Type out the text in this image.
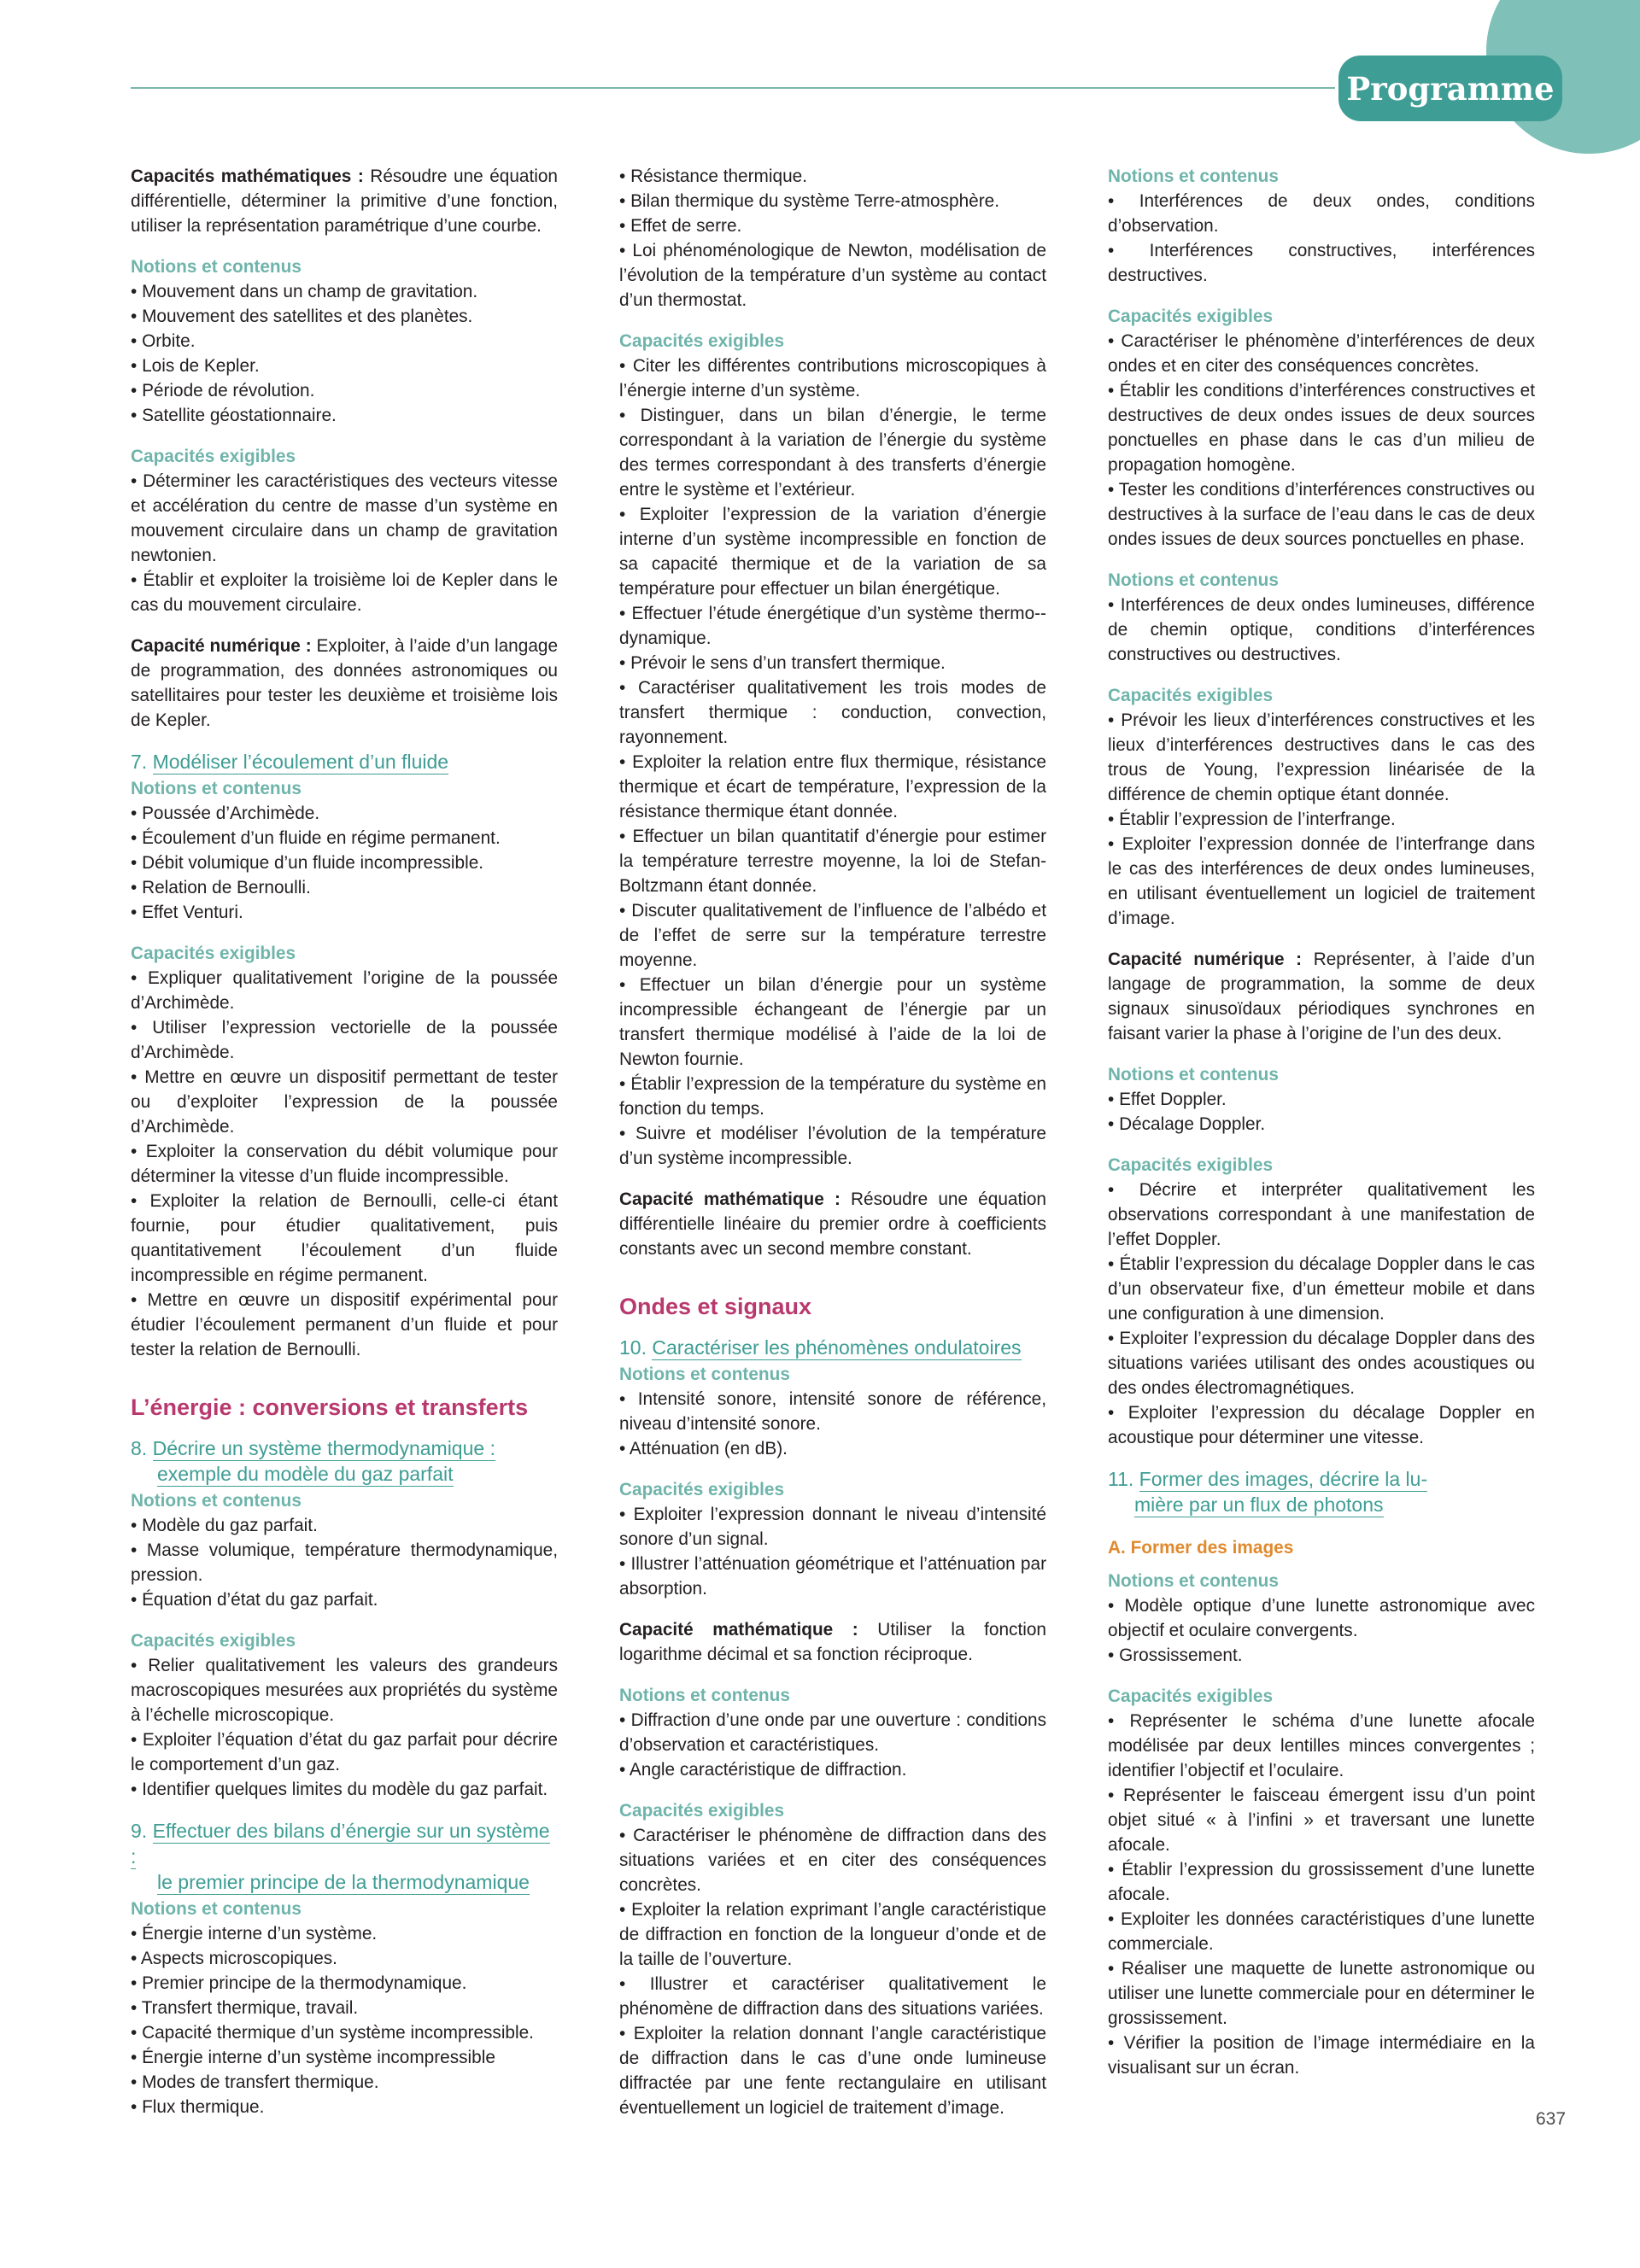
Programme

Capacités mathématiques : Résoudre une équation différentielle, déterminer la primitive d’une fonction, utiliser la représentation paramétrique d’une courbe.

Notions et contenus

• Mouvement dans un champ de gravitation.

• Mouvement des satellites et des planètes.

• Orbite.

• Lois de Kepler.

• Période de révolution.

• Satellite géostationnaire.

Capacités exigibles

• Déterminer les caractéristiques des vecteurs vitesse et accélération du centre de masse d’un système en mouvement circulaire dans un champ de gravitation newtonien.

• Établir et exploiter la troisième loi de Kepler dans le cas du mouvement circulaire.

Capacité numérique : Exploiter, à l’aide d’un langage de programmation, des données astronomiques ou satellitaires pour tester les deuxième et troisième lois de Kepler.

7. Modéliser l’écoulement d’un fluide

Notions et contenus

• Poussée d’Archimède.

• Écoulement d’un fluide en régime permanent.

• Débit volumique d’un fluide incompressible.

• Relation de Bernoulli.

• Effet Venturi.

Capacités exigibles

• Expliquer qualitativement l’origine de la poussée d’Archimède.

• Utiliser l’expression vectorielle de la poussée d’Archimède.

• Mettre en œuvre un dispositif permettant de tester ou d’exploiter l’expression de la poussée d’Archimède.

• Exploiter la conservation du débit volumique pour déterminer la vitesse d’un fluide incompressible.

• Exploiter la relation de Bernoulli, celle-ci étant fournie, pour étudier qualitativement, puis quantitativement l’écoulement d’un fluide incompressible en régime permanent.

• Mettre en œuvre un dispositif expérimental pour étudier l’écoulement permanent d’un fluide et pour tester la relation de Bernoulli.

L’énergie : conversions et transferts

8. Décrire un système thermodynamique :
exemple du modèle du gaz parfait

Notions et contenus

• Modèle du gaz parfait.

• Masse volumique, température thermodynamique, pression.

• Équation d’état du gaz parfait.

Capacités exigibles

• Relier qualitativement les valeurs des grandeurs macroscopiques mesurées aux propriétés du système à l’échelle microscopique.

• Exploiter l’équation d’état du gaz parfait pour décrire le comportement d’un gaz.

• Identifier quelques limites du modèle du gaz parfait.

9. Effectuer des bilans d’énergie sur un système :
le premier principe de la thermodynamique

Notions et contenus

• Énergie interne d’un système.

• Aspects microscopiques.

• Premier principe de la thermodynamique.

• Transfert thermique, travail.

• Capacité thermique d’un système incompressible.

• Énergie interne d’un système incompressible

• Modes de transfert thermique.

• Flux thermique.

• Résistance thermique.

• Bilan thermique du système Terre-atmosphère.

• Effet de serre.

• Loi phénoménologique de Newton, modélisation de l’évolution de la température d’un système au contact d’un thermostat.

Capacités exigibles

• Citer les différentes contributions microscopiques à l’énergie interne d’un système.

• Distinguer, dans un bilan d’énergie, le terme correspondant à la variation de l’énergie du système des termes correspondant à des transferts d’énergie entre le système et l’extérieur.

• Exploiter l’expression de la variation d’énergie interne d’un système incompressible en fonction de sa capacité thermique et de la variation de sa température pour effectuer un bilan énergétique.

• Effectuer l’étude énergétique d’un système thermo--dynamique.

• Prévoir le sens d’un transfert thermique.

• Caractériser qualitativement les trois modes de transfert thermique : conduction, convection, rayonnement.

• Exploiter la relation entre flux thermique, résistance thermique et écart de température, l’expression de la résistance thermique étant donnée.

• Effectuer un bilan quantitatif d’énergie pour estimer la température terrestre moyenne, la loi de Stefan-Boltzmann étant donnée.

• Discuter qualitativement de l’influence de l’albédo et de l’effet de serre sur la température terrestre moyenne.

• Effectuer un bilan d’énergie pour un système incompressible échangeant de l’énergie par un transfert thermique modélisé à l’aide de la loi de Newton fournie.

• Établir l’expression de la température du système en fonction du temps.

• Suivre et modéliser l’évolution de la température d’un système incompressible.

Capacité mathématique : Résoudre une équation différentielle linéaire du premier ordre à coefficients constants avec un second membre constant.

Ondes et signaux

10. Caractériser les phénomènes ondulatoires

Notions et contenus

• Intensité sonore, intensité sonore de référence, niveau d’intensité sonore.

• Atténuation (en dB).

Capacités exigibles

• Exploiter l’expression donnant le niveau d’intensité sonore d’un signal.

• Illustrer l’atténuation géométrique et l’atténuation par absorption.

Capacité mathématique : Utiliser la fonction logarithme décimal et sa fonction réciproque.

Notions et contenus

• Diffraction d’une onde par une ouverture : conditions d’observation et caractéristiques.

• Angle caractéristique de diffraction.

Capacités exigibles

• Caractériser le phénomène de diffraction dans des situations variées et en citer des conséquences concrètes.

• Exploiter la relation exprimant l’angle caractéristique de diffraction en fonction de la longueur d’onde et de la taille de l’ouverture.

• Illustrer et caractériser qualitativement le phénomène de diffraction dans des situations variées.

• Exploiter la relation donnant l’angle caractéristique de diffraction dans le cas d’une onde lumineuse diffractée par une fente rectangulaire en utilisant éventuellement un logiciel de traitement d’image.

Notions et contenus

• Interférences de deux ondes, conditions d’observation.

• Interférences constructives, interférences destructives.

Capacités exigibles

• Caractériser le phénomène d’interférences de deux ondes et en citer des conséquences concrètes.

• Établir les conditions d’interférences constructives et destructives de deux ondes issues de deux sources ponctuelles en phase dans le cas d’un milieu de propagation homogène.

• Tester les conditions d’interférences constructives ou destructives à la surface de l’eau dans le cas de deux ondes issues de deux sources ponctuelles en phase.

Notions et contenus

• Interférences de deux ondes lumineuses, différence de chemin optique, conditions d’interférences constructives ou destructives.

Capacités exigibles

• Prévoir les lieux d’interférences constructives et les lieux d’interférences destructives dans le cas des trous de Young, l’expression linéarisée de la différence de chemin optique étant donnée.

• Établir l’expression de l’interfrange.

• Exploiter l’expression donnée de l’interfrange dans le cas des interférences de deux ondes lumineuses, en utilisant éventuellement un logiciel de traitement d’image.

Capacité numérique : Représenter, à l’aide d’un langage de programmation, la somme de deux signaux sinusoïdaux périodiques synchrones en faisant varier la phase à l’origine de l’un des deux.

Notions et contenus

• Effet Doppler.

• Décalage Doppler.

Capacités exigibles

• Décrire et interpréter qualitativement les observations correspondant à une manifestation de l’effet Doppler.

• Établir l’expression du décalage Doppler dans le cas d’un observateur fixe, d’un émetteur mobile et dans une configuration à une dimension.

• Exploiter l’expression du décalage Doppler dans des situations variées utilisant des ondes acoustiques ou des ondes électromagnétiques.

• Exploiter l’expression du décalage Doppler en acoustique pour déterminer une vitesse.

11. Former des images, décrire la lu-
mière par un flux de photons

A. Former des images

Notions et contenus

• Modèle optique d’une lunette astronomique avec objectif et oculaire convergents.

• Grossissement.

Capacités exigibles

• Représenter le schéma d’une lunette afocale modélisée par deux lentilles minces convergentes ; identifier l’objectif et l’oculaire.

• Représenter le faisceau émergent issu d’un point objet situé « à l’infini » et traversant une lunette afocale.

• Établir l’expression du grossissement d’une lunette afocale.

• Exploiter les données caractéristiques d’une lunette commerciale.

• Réaliser une maquette de lunette astronomique ou utiliser une lunette commerciale pour en déterminer le grossissement.

• Vérifier la position de l’image intermédiaire en la visualisant sur un écran.

637
